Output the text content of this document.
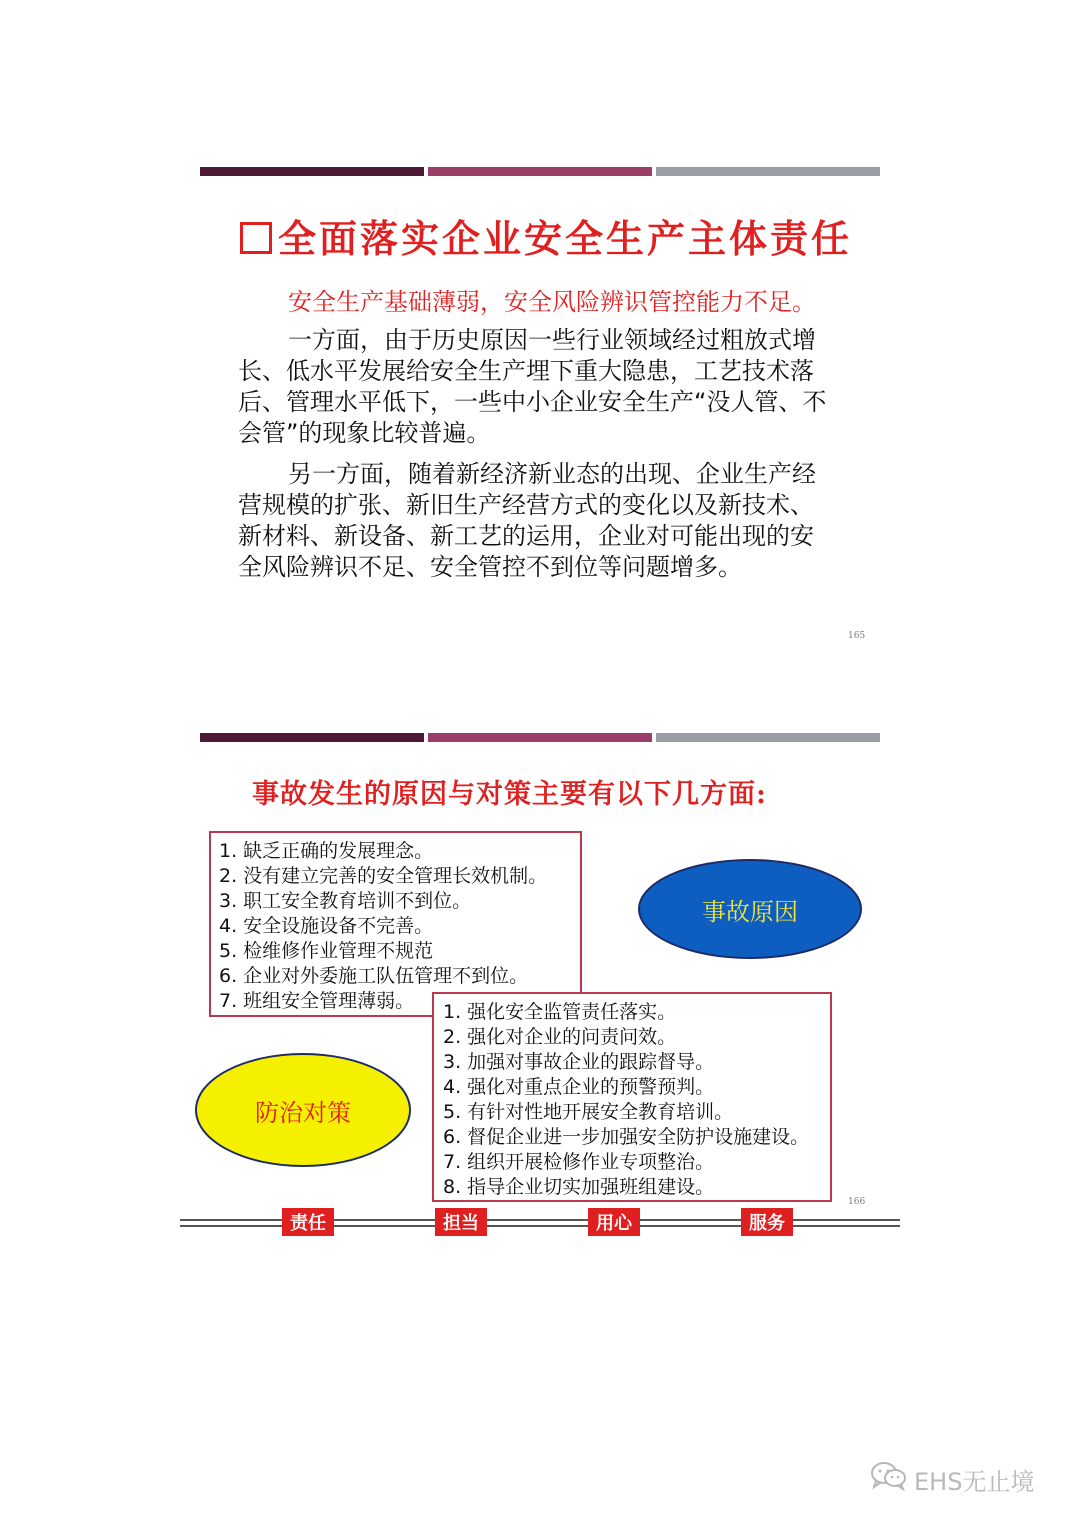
全面落实企业安全生产主体责任
安全生产基础薄弱，安全风险辨识管控能力不足。

一方面，由于历史原因一些行业领域经过粗放式增长、低水平发展给安全生产埋下重大隐患，工艺技术落后、管理水平低下，一些中小企业安全生产“没人管、不会管”的现象比较普遍。

另一方面，随着新经济新业态的出现、企业生产经营规模的扩张、新旧生产经营方式的变化以及新技术、新材料、新设备、新工艺的运用，企业对可能出现的安全风险辨识不足、安全管控不到位等问题增多。

165
事故发生的原因与对策主要有以下几方面:
1. 缺乏正确的发展理念。
2. 没有建立完善的安全管理长效机制。
3. 职工安全教育培训不到位。
4. 安全设施设备不完善。
5. 检维修作业管理不规范
6. 企业对外委施工队伍管理不到位。
7. 班组安全管理薄弱。
事故原因
1. 强化安全监管责任落实。
2. 强化对企业的问责问效。
3. 加强对事故企业的跟踪督导。
4. 强化对重点企业的预警预判。
5. 有针对性地开展安全教育培训。
6. 督促企业进一步加强安全防护设施建设。
7. 组织开展检修作业专项整治。
8. 指导企业切实加强班组建设。
防治对策
166
责任	担当	用心	服务
EHS无止境
